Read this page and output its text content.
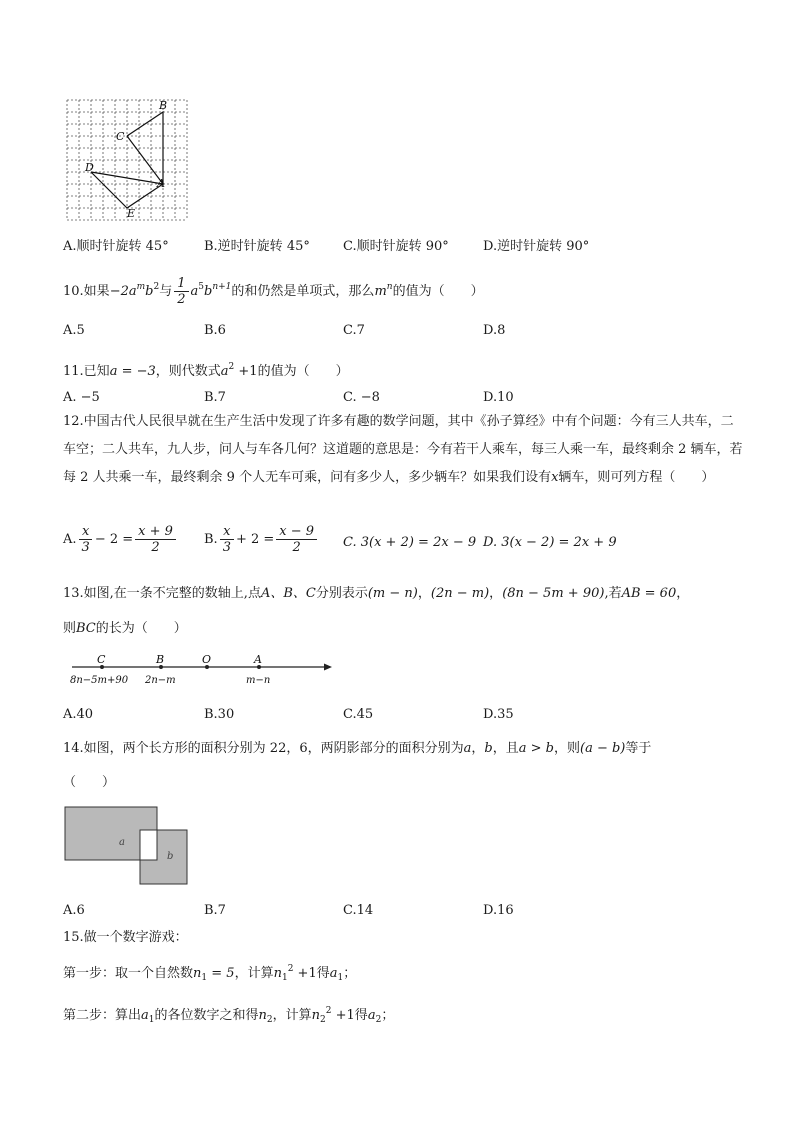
B
C
D
A
E
A.顺时针旋转 45°	B.逆时针旋转 45°	C.顺时针旋转 90°	D.逆时针旋转 90°
10.如果$-2a^mb^2$与 $\frac{1}{2} a^5b^{n+1}$的和仍然是单项式，那么$m^n$的值为（　　）
A.5	B.6	C.7	D.8
11.已知a = −3，则代数式$a^2 +1$的值为（　　）
A. −5	B.7	C. −8	D.10
12.中国古代人民很早就在生产生活中发现了许多有趣的数学问题，其中《孙子算经》中有个问题：今有三人共车，二车空；二人共车，九人步，问人与车各几何？这道题的意思是：今有若干人乘车，每三人乘一车，最终剩余 2 辆车，若每 2 人共乘一车，最终剩余 9 个人无车可乘，问有多少人，多少辆车？如果我们设有x辆车，则可列方程（　　）
A. $\frac{x}{3} - 2 = \frac{x + 9}{2} B$. $\frac{x}{3} + 2 = \frac{x - 9}{2} C$. 3(x + 2) = 2x − 9 D. 3(x − 2) = 2x + 9
13.如图,在一条不完整的数轴上,点A、B、C分别表示(m − n)，(2n − m)，(8n − 5m + 90),若AB = 60，
则BC的长为（　　）
C	B	O	A
8n−5m+90 2n−m	m−n
A.40	B.30	C.45	D.35
14.如图，两个长方形的面积分别为 22，6，两阴影部分的面积分别为a，b，且a > b，则(a − b)等于
（　　）
a
b
A.6	B.7	C.14	D.16
15.做一个数字游戏：
第一步：取一个自然数$n_1 = 5$，计算$n_1^2 +1$得$a_1$；
第二步：算出$a_1$的各位数字之和得$n_2$，计算$n_2^2 +1$得$a_2$；
